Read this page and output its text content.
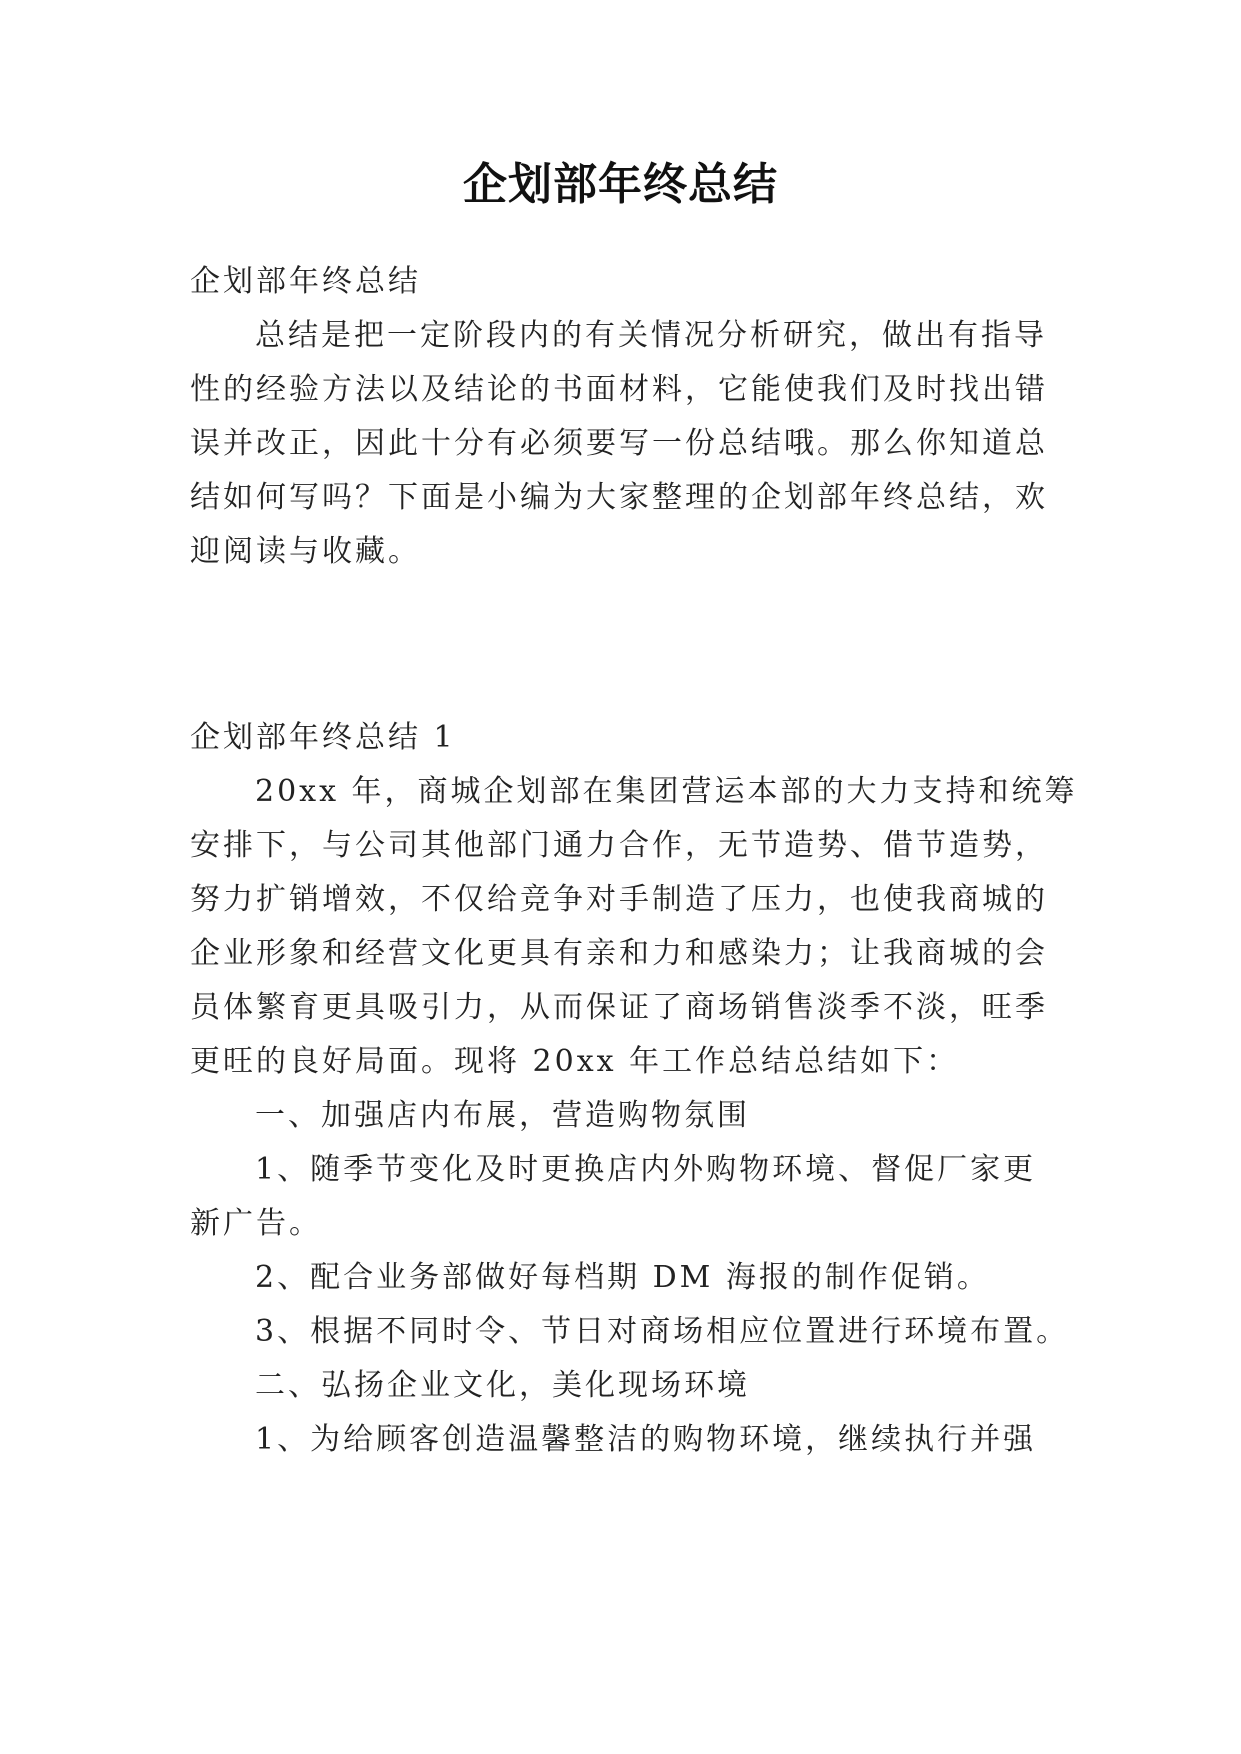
企划部年终总结
企划部年终总结
总结是把一定阶段内的有关情况分析研究，做出有指导
性的经验方法以及结论的书面材料，它能使我们及时找出错
误并改正，因此十分有必须要写一份总结哦。那么你知道总
结如何写吗？下面是小编为大家整理的企划部年终总结，欢
迎阅读与收藏。
企划部年终总结 1
20xx 年，商城企划部在集团营运本部的大力支持和统筹
安排下，与公司其他部门通力合作，无节造势、借节造势，
努力扩销增效，不仅给竞争对手制造了压力，也使我商城的
企业形象和经营文化更具有亲和力和感染力；让我商城的会
员体繁育更具吸引力，从而保证了商场销售淡季不淡，旺季
更旺的良好局面。现将 20xx 年工作总结总结如下：
一、加强店内布展，营造购物氛围
1、随季节变化及时更换店内外购物环境、督促厂家更
新广告。
2、配合业务部做好每档期 DM 海报的制作促销。
3、根据不同时令、节日对商场相应位置进行环境布置。
二、弘扬企业文化，美化现场环境
1、为给顾客创造温馨整洁的购物环境，继续执行并强
